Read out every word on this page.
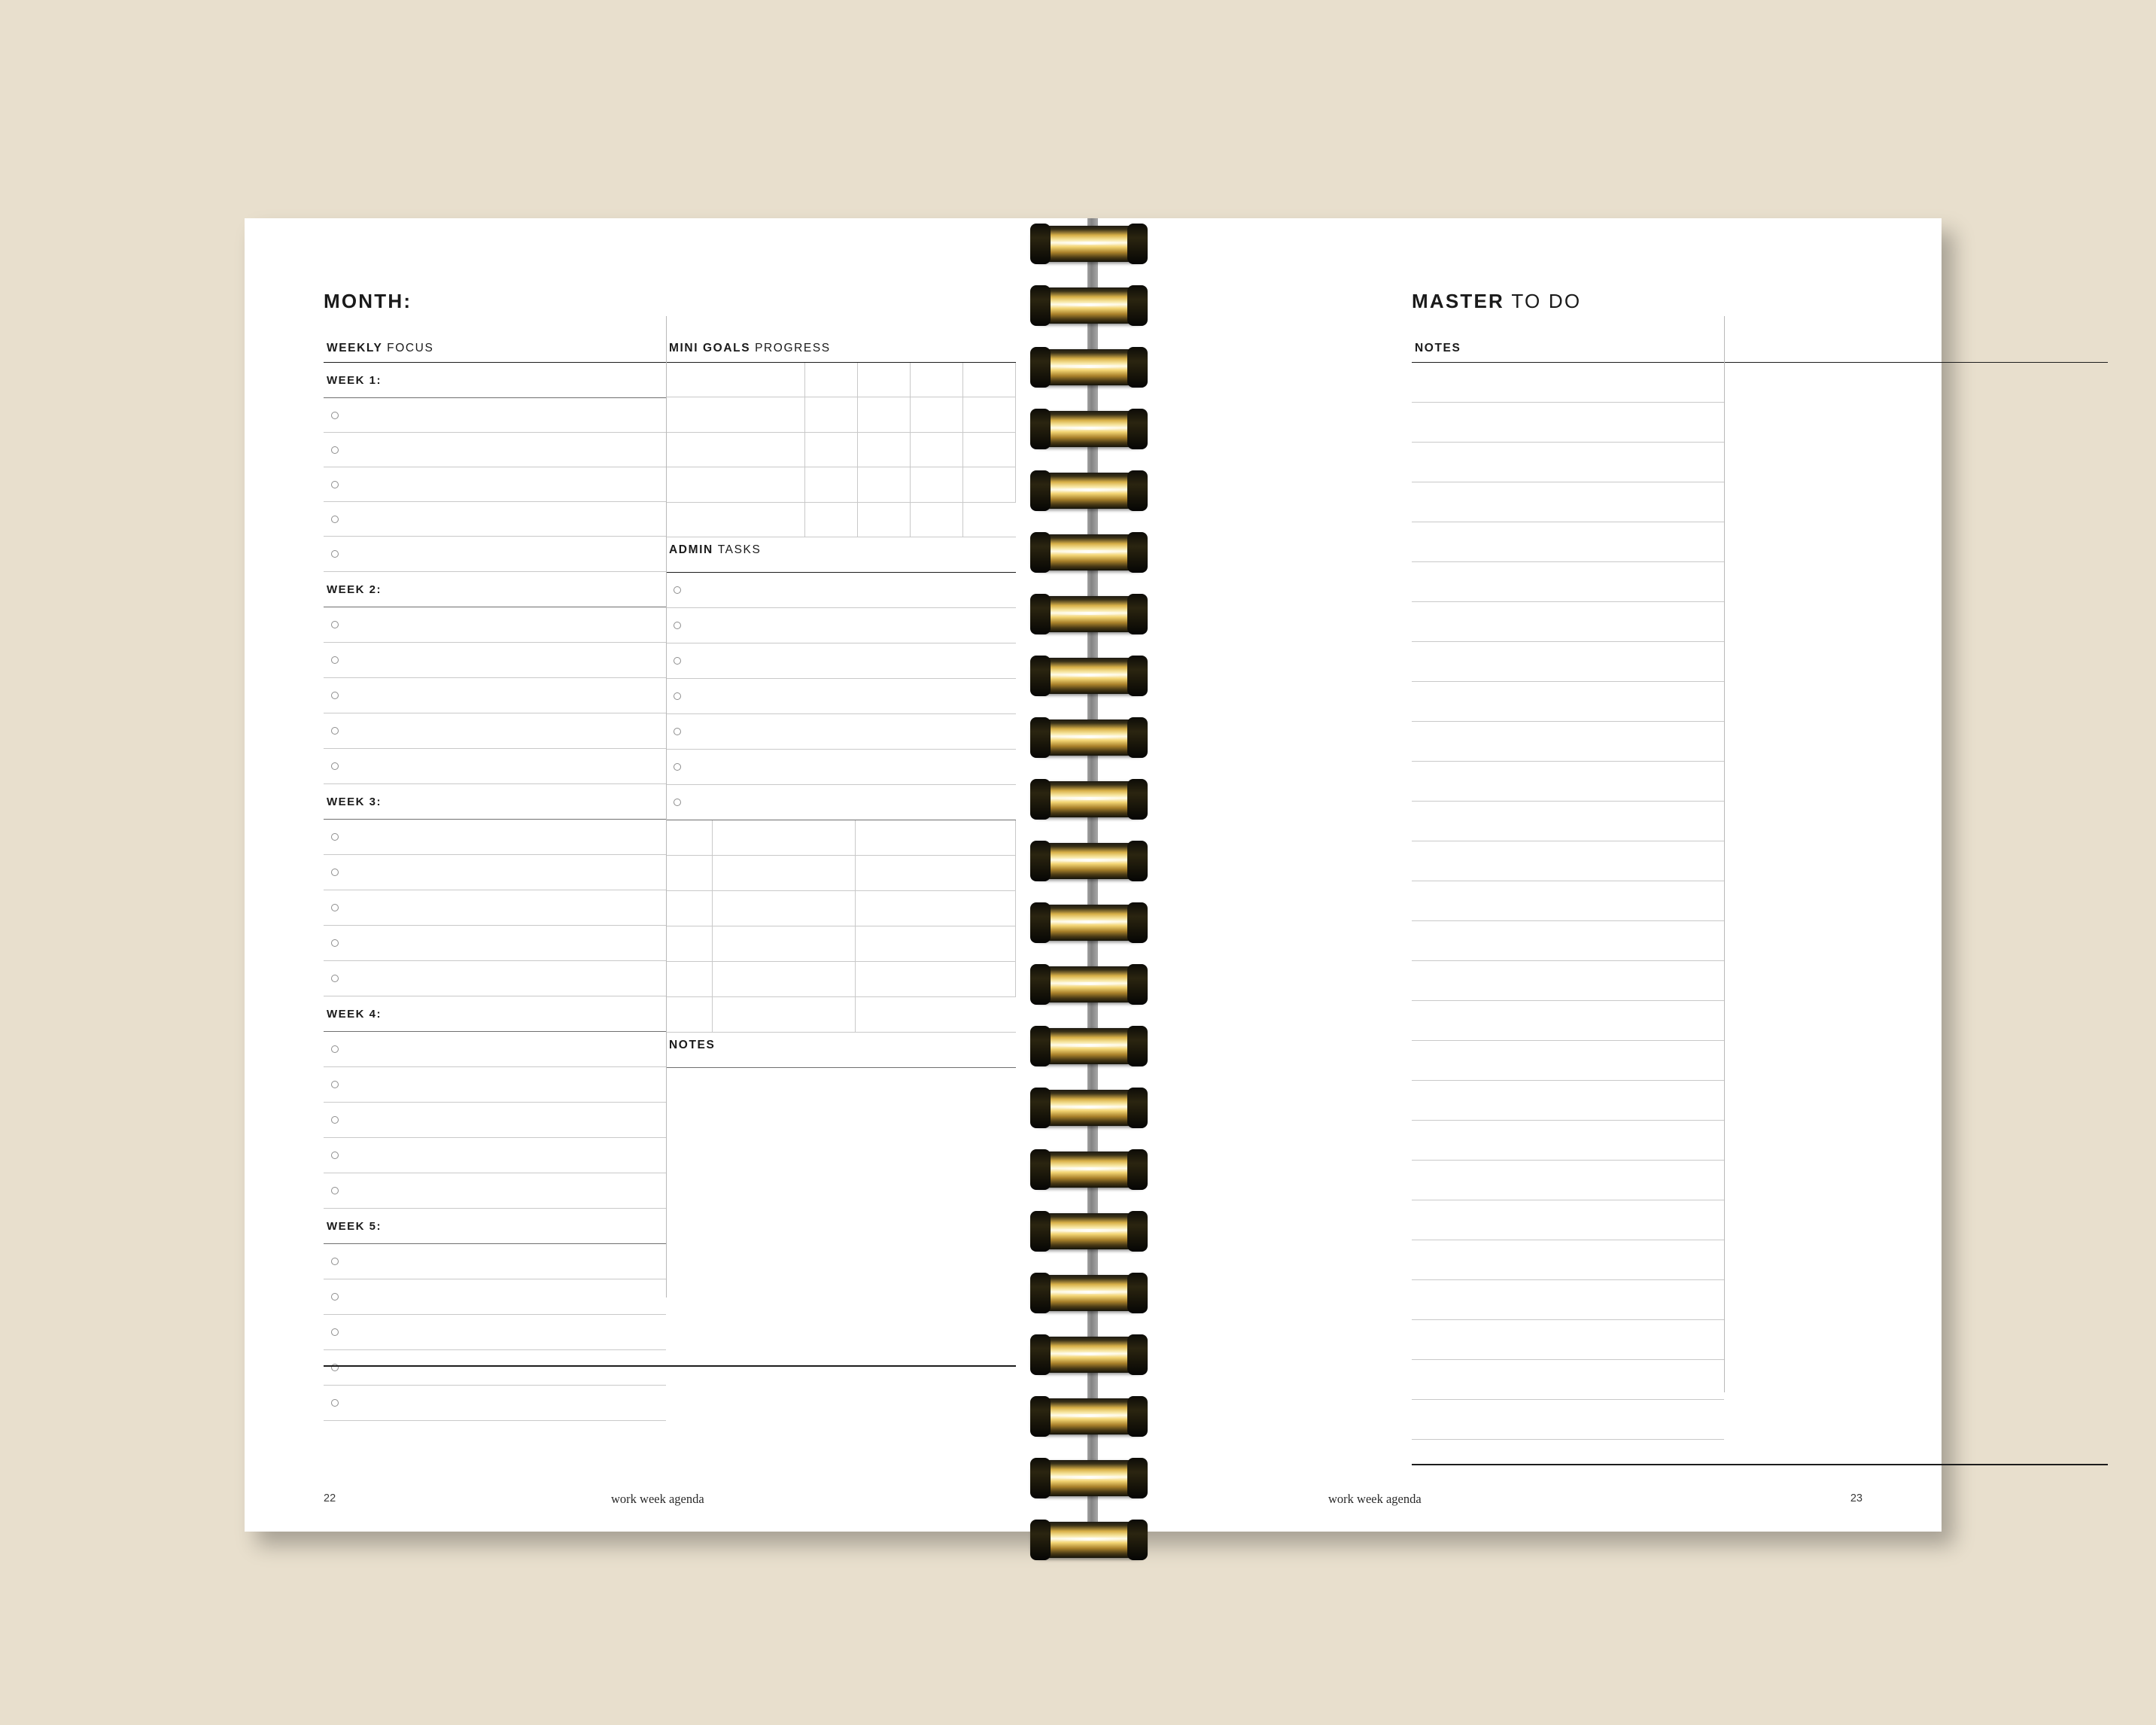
MONTH:
WEEKLY FOCUS	MINI GOALS PROGRESS
WEEK 1:
WEEK 2:
WEEK 3:
WEEK 4:
WEEK 5:
ADMIN TASKS
NOTES
22	work week agenda
MASTER TO DO
NOTES
work week agenda	23
